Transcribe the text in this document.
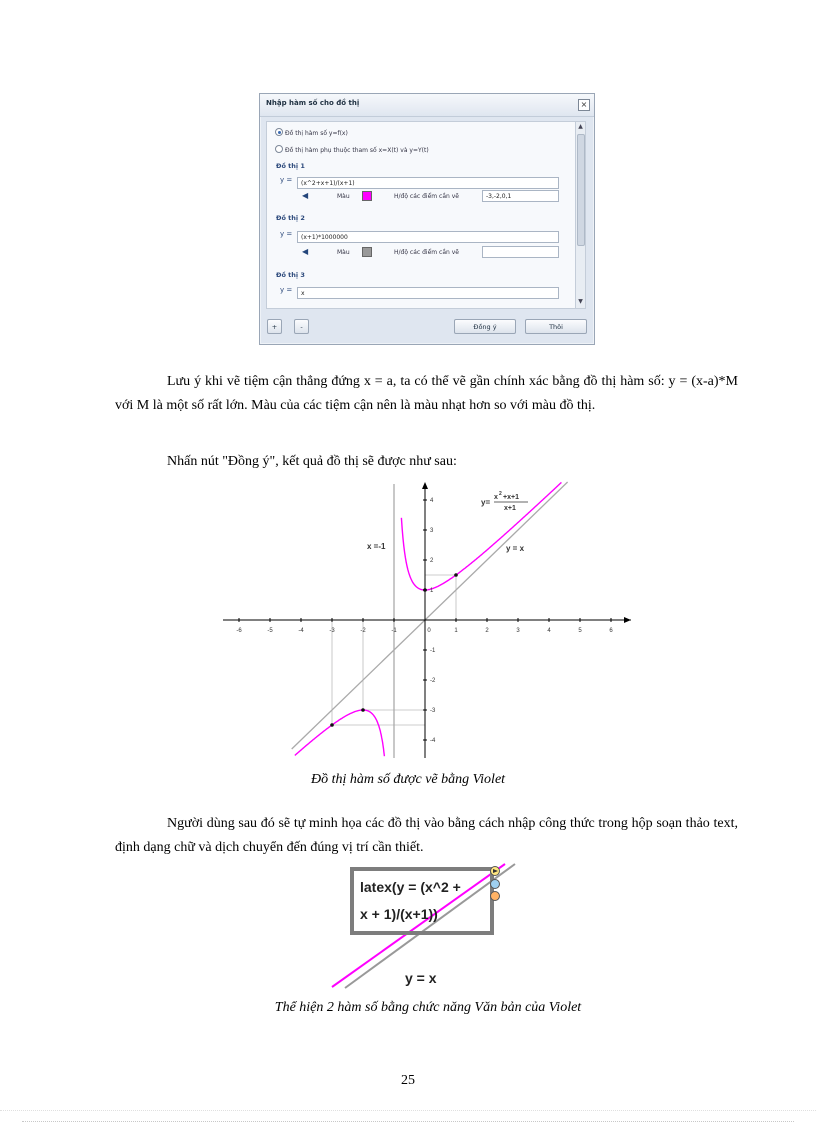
Nhập hàm số cho đồ thị	×
Đồ thị hàm số y=f(x)
Đồ thị hàm phụ thuộc tham số x=X(t) và y=Y(t)
Đồ thị 1
y =	(x^2+x+1)/(x+1)
◀	Màu	H/độ các điểm cần vẽ	-3,-2,0,1
Đồ thị 2
y =	(x+1)*1000000
◀	Màu	H/độ các điểm cần vẽ
Đồ thị 3
y =	x
▲
▼
+	-	Đồng ý	Thôi
Lưu ý khi vẽ tiệm cận thẳng đứng x = a, ta có thể vẽ gần chính xác bằng đồ thị hàm số: y = (x-a)*M với M là một số rất lớn. Màu của các tiệm cận nên là màu nhạt hơn so với màu đồ thị.
Nhấn nút "Đồng ý", kết quả đồ thị sẽ được như sau:
-6	-5	-4	-3	-2	-1	0	1	2	3	4	5	6
-4
-3
-2
-1
1
2
3
4
x =-1	y = x
y=
x 2 +x+1
x+1
Đồ thị hàm số được vẽ bằng Violet
Người dùng sau đó sẽ tự minh họa các đồ thị vào bằng cách nhập công thức trong hộp soạn thảo text, định dạng chữ và dịch chuyển đến đúng vị trí cần thiết.
latex(y = (x^2 +
x + 1)/(x+1))
y = x
Thể hiện 2 hàm số bằng chức năng Văn bản của Violet
25
